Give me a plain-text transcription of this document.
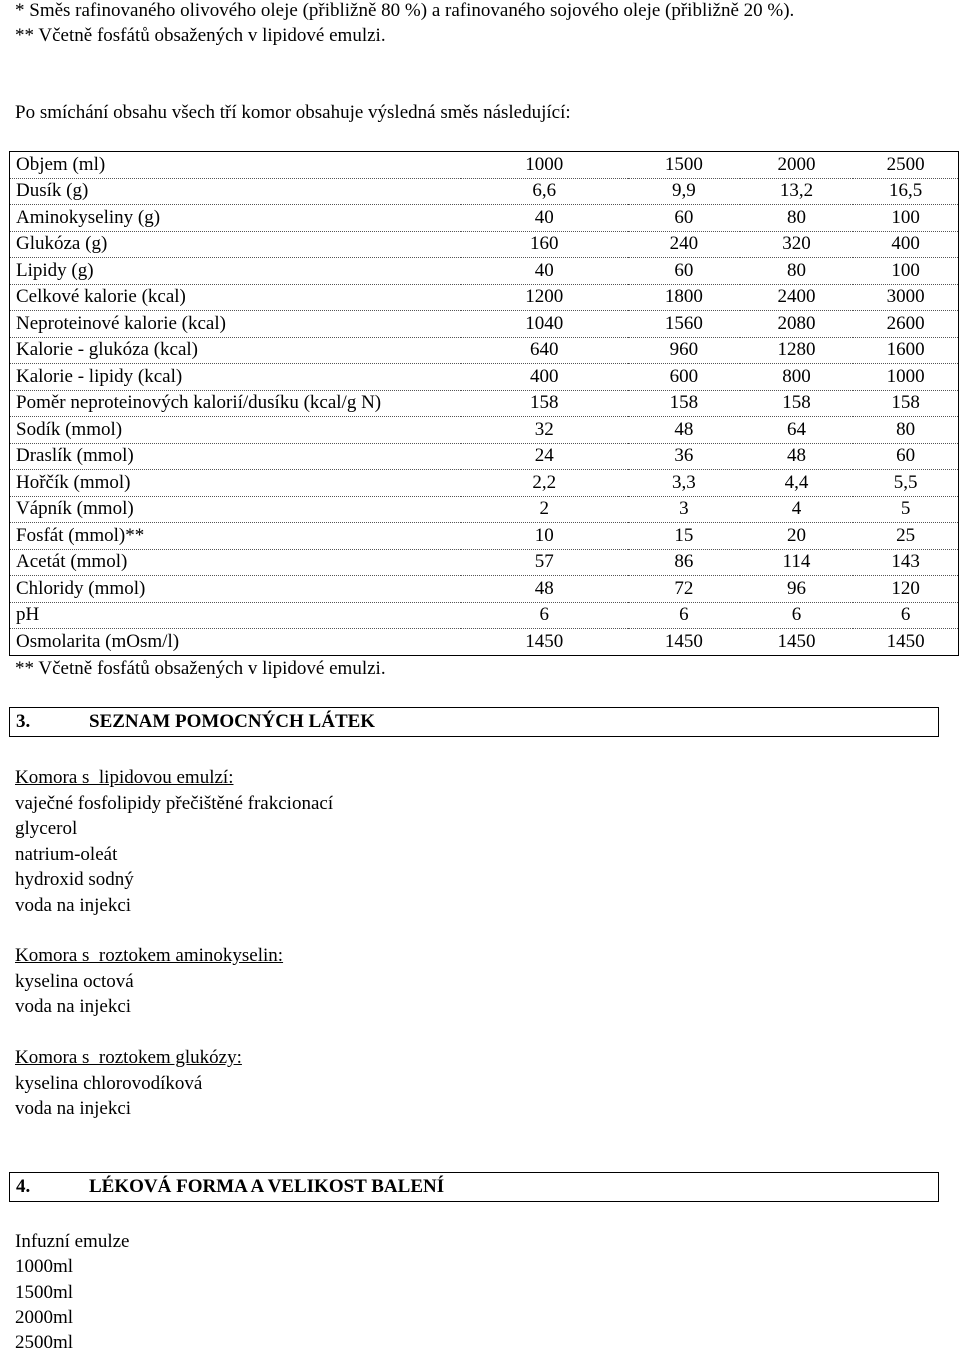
* Směs rafinovaného olivového oleje (přibližně 80 %) a rafinovaného sojového oleje (přibližně 20 %).
** Včetně fosfátů obsažených v lipidové emulzi.
Po smíchání obsahu všech tří komor obsahuje výsledná směs následující:
Objem (ml)	1000	1500	2000	2500
Dusík (g)	6,6	9,9	13,2	16,5
Aminokyseliny (g)	40	60	80	100
Glukóza (g)	160	240	320	400
Lipidy (g)	40	60	80	100
Celkové kalorie (kcal)	1200	1800	2400	3000
Neproteinové kalorie (kcal)	1040	1560	2080	2600
Kalorie - glukóza (kcal)	640	960	1280	1600
Kalorie - lipidy (kcal)	400	600	800	1000
Poměr neproteinových kalorií/dusíku (kcal/g N)	158	158	158	158
Sodík (mmol)	32	48	64	80
Draslík (mmol)	24	36	48	60
Hořčík (mmol)	2,2	3,3	4,4	5,5
Vápník (mmol)	2	3	4	5
Fosfát (mmol)**	10	15	20	25
Acetát (mmol)	57	86	114	143
Chloridy (mmol)	48	72	96	120
pH	6	6	6	6
Osmolarita (mOsm/l)	1450	1450	1450	1450
** Včetně fosfátů obsažených v lipidové emulzi.
3.	SEZNAM POMOCNÝCH LÁTEK
Komora s  lipidovou emulzí:
vaječné fosfolipidy přečištěné frakcionací
glycerol
natrium-oleát
hydroxid sodný
voda na injekci
Komora s  roztokem aminokyselin:
kyselina octová
voda na injekci
Komora s  roztokem glukózy:
kyselina chlorovodíková
voda na injekci
4.	LÉKOVÁ FORMA A VELIKOST BALENÍ
Infuzní emulze
1000ml
1500ml
2000ml
2500ml
